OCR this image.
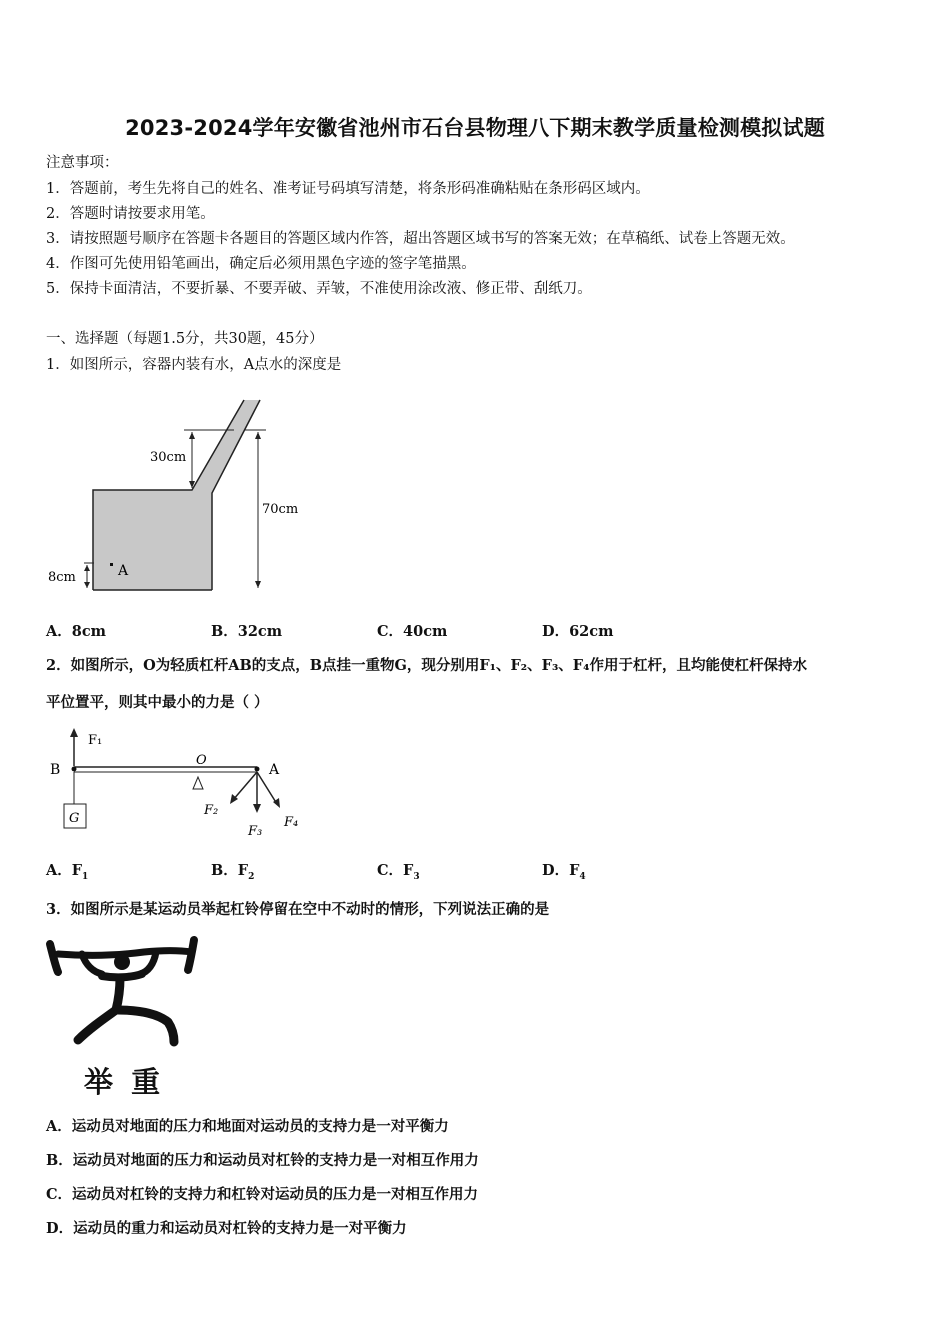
2023-2024学年安徽省池州市石台县物理八下期末教学质量检测模拟试题
注意事项：
1．答题前，考生先将自己的姓名、准考证号码填写清楚，将条形码准确粘贴在条形码区域内。
2．答题时请按要求用笔。
3．请按照题号顺序在答题卡各题目的答题区域内作答，超出答题区域书写的答案无效；在草稿纸、试卷上答题无效。
4．作图可先使用铅笔画出，确定后必须用黑色字迹的签字笔描黑。
5．保持卡面清洁，不要折暴、不要弄破、弄皱，不准使用涂改液、修正带、刮纸刀。
一、选择题（每题1.5分，共30题，45分）
1．如图所示，容器内装有水，A点水的深度是
30cm
70cm
8cm	A
A．8cm	B．32cm	C．40cm	D．62cm
2．如图所示，O为轻质杠杆AB的支点，B点挂一重物G，现分别用F₁、F₂、F₃、F₄作用于杠杆，且均能使杠杆保持水
平位置平，则其中最小的力是（ ）
F₁
G
B
O
A
F₂
F₃
F₄
A．$F_1$	B．$F_2$	C．$F_3$	D．$F_4$
3．如图所示是某运动员举起杠铃停留在空中不动时的情形，下列说法正确的是
举 重
A．运动员对地面的压力和地面对运动员的支持力是一对平衡力
B．运动员对地面的压力和运动员对杠铃的支持力是一对相互作用力
C．运动员对杠铃的支持力和杠铃对运动员的压力是一对相互作用力
D．运动员的重力和运动员对杠铃的支持力是一对平衡力
